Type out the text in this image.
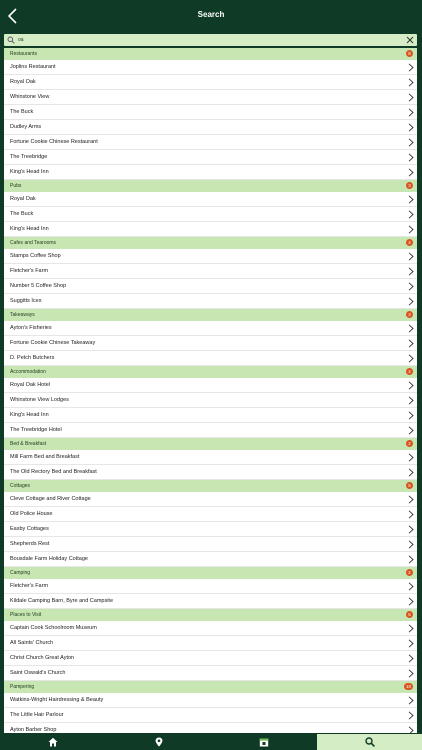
Search
oa
Restaurants	8
Joplins Restaurant
Royal Oak
Whinstone View
The Buck
Dudley Arms
Fortune Cookie Chinese Restaurant
The Treebridge
King's Head Inn
Pubs	3
Royal Oak
The Buck
King's Head Inn
Cafes and Tearooms	4
Stamps Coffee Shop
Fletcher's Farm
Number 5 Coffee Shop
Suggitts Ices
Takeaways	3
Ayton's Fisheries
Fortune Cookie Chinese Takeaway
D. Petch Butchers
Accommodation	4
Royal Oak Hotel
Whinstone View Lodges
King's Head Inn
The Treebridge Hotel
Bed & Breakfast	2
Mill Farm Bed and Breakfast
The Old Rectory Bed and Breakfast
Cottages	5
Cleve Cottage and River Cottage
Old Police House
Easby Cottages
Shepherds Rest
Bousdale Farm Holiday Cottage
Camping	2
Fletcher's Farm
Kildale Camping Barn, Byre and Campsite
Places to Visit	5
Captain Cook Schoolroom Museum
All Saints' Church
Christ Church Great Ayton
Saint Oswald's Church
Pampering	10
Watkins-Wright Hairdressing & Beauty
The Little Hair Parlour
Ayton Barber Shop
